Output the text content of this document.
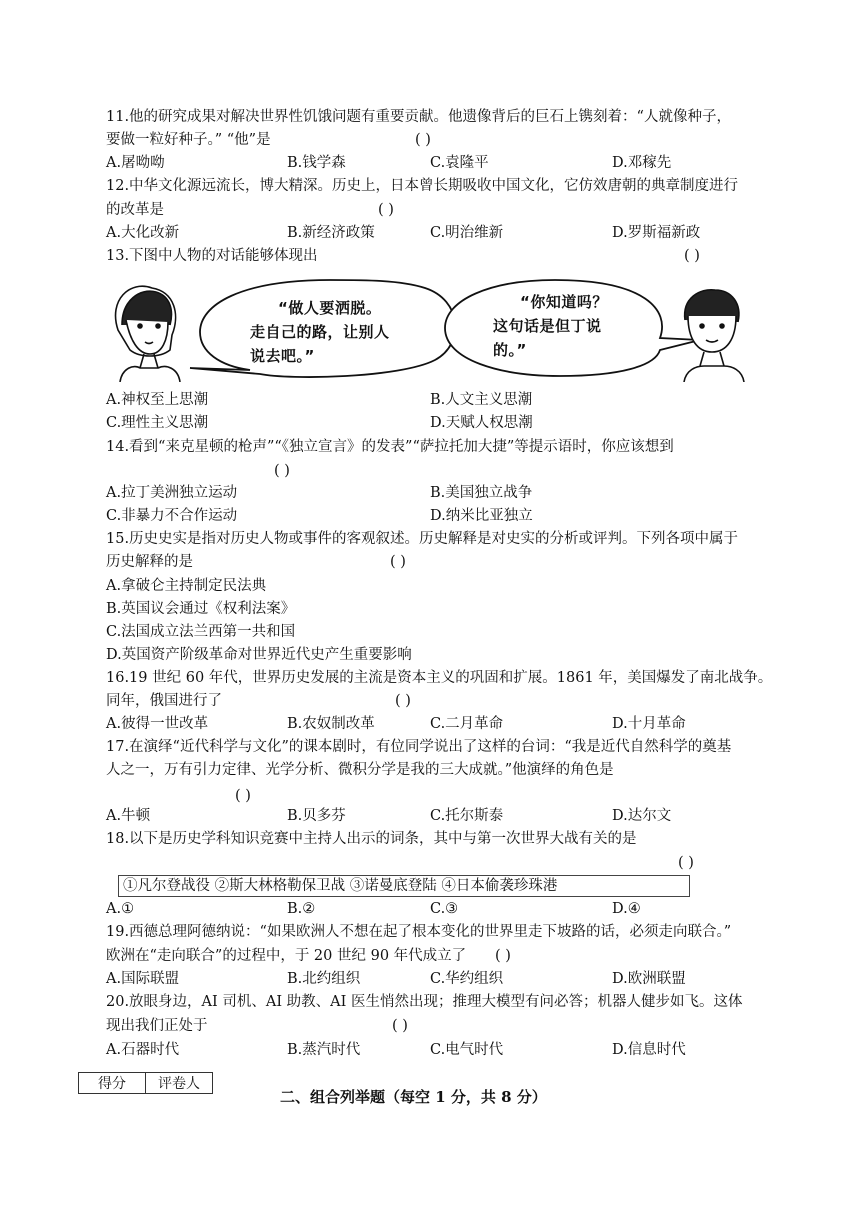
11.他的研究成果对解决世界性饥饿问题有重要贡献。他遗像背后的巨石上镌刻着：“人就像种子，
要做一粒好种子。” “他”是	( )
A.屠呦呦	B.钱学森	C.袁隆平	D.邓稼先
12.中华文化源远流长，博大精深。历史上，日本曾长期吸收中国文化，它仿效唐朝的典章制度进行
的改革是	( )
A.大化改新	B.新经济政策	C.明治维新	D.罗斯福新政
13.下图中人物的对话能够体现出	( )
“做人要洒脱。
走自己的路，让别人
说去吧。”
“你知道吗？
这句话是但丁说
的。”
A.神权至上思潮	B.人文主义思潮
C.理性主义思潮	D.天赋人权思潮
14.看到“来克星顿的枪声”“《独立宣言》的发表”“萨拉托加大捷”等提示语时，你应该想到
( )
A.拉丁美洲独立运动	B.美国独立战争
C.非暴力不合作运动	D.纳米比亚独立
15.历史史实是指对历史人物或事件的客观叙述。历史解释是对史实的分析或评判。下列各项中属于
历史解释的是	( )
A.拿破仑主持制定民法典
B.英国议会通过《权利法案》
C.法国成立法兰西第一共和国
D.英国资产阶级革命对世界近代史产生重要影响
16.19 世纪 60 年代，世界历史发展的主流是资本主义的巩固和扩展。1861 年，美国爆发了南北战争。
同年，俄国进行了	( )
A.彼得一世改革	B.农奴制改革	C.二月革命	D.十月革命
17.在演绎“近代科学与文化”的课本剧时，有位同学说出了这样的台词：“我是近代自然科学的奠基
人之一，万有引力定律、光学分析、微积分学是我的三大成就。”他演绎的角色是
( )
A.牛顿	B.贝多芬	C.托尔斯泰	D.达尔文
18.以下是历史学科知识竞赛中主持人出示的词条，其中与第一次世界大战有关的是
( )
①凡尔登战役 ②斯大林格勒保卫战 ③诺曼底登陆 ④日本偷袭珍珠港
A.①	B.②	C.③	D.④
19.西德总理阿德纳说：“如果欧洲人不想在起了根本变化的世界里走下坡路的话，必须走向联合。”
欧洲在“走向联合”的过程中，于 20 世纪 90 年代成立了 ( )
A.国际联盟	B.北约组织	C.华约组织	D.欧洲联盟
20.放眼身边，AI 司机、AI 助教、AI 医生悄然出现；推理大模型有问必答；机器人健步如飞。这体
现出我们正处于	( )
A.石器时代	B.蒸汽时代	C.电气时代	D.信息时代
得分	评卷人
二、组合列举题（每空 1 分，共 8 分）
